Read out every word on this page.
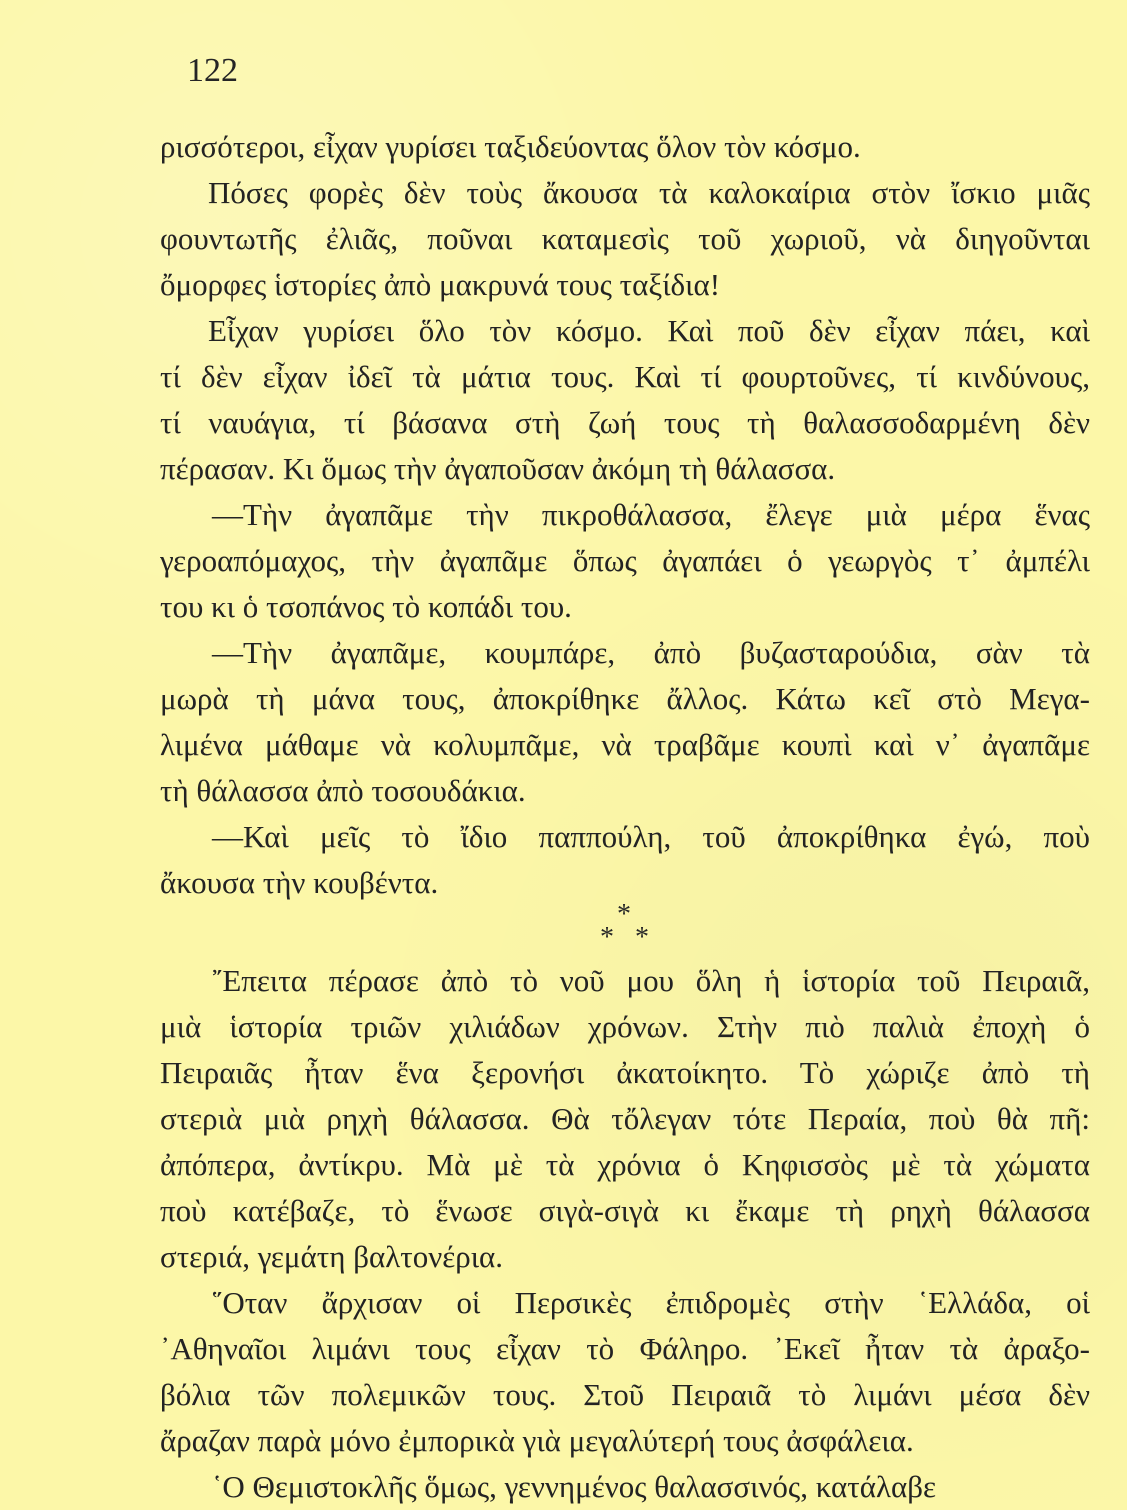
122
ρισσότεροι, εἶχαν γυρίσει ταξιδεύοντας ὅλον τὸν κόσμο.
Πόσες φορὲς δὲν τοὺς ἄκουσα τὰ καλοκαίρια στὸν ἴσκιο μιᾶς
φουντωτῆς ἐλιᾶς, ποῦναι καταμεσὶς τοῦ χωριοῦ, νὰ διηγοῦνται
ὄμορφες ἱστορίες ἀπὸ μακρυνά τους ταξίδια!
Εἶχαν γυρίσει ὅλο τὸν κόσμο. Καὶ ποῦ δὲν εἶχαν πάει, καὶ
τί δὲν εἶχαν ἰδεῖ τὰ μάτια τους. Καὶ τί φουρτοῦνες, τί κινδύνους,
τί ναυάγια, τί βάσανα στὴ ζωή τους τὴ θαλασσοδαρμένη δὲν
πέρασαν. Κι ὅμως τὴν ἀγαποῦσαν ἀκόμη τὴ θάλασσα.
—Τὴν ἀγαπᾶμε τὴν πικροθάλασσα, ἔλεγε μιὰ μέρα ἕνας
γεροαπόμαχος, τὴν ἀγαπᾶμε ὅπως ἀγαπάει ὁ γεωργὸς τ᾿ ἀμπέλι
του κι ὁ τσοπάνος τὸ κοπάδι του.
—Τὴν ἀγαπᾶμε, κουμπάρε, ἀπὸ βυζασταρούδια, σὰν τὰ
μωρὰ τὴ μάνα τους, ἀποκρίθηκε ἄλλος. Κάτω κεῖ στὸ Μεγα-
λιμένα μάθαμε νὰ κολυμπᾶμε, νὰ τραβᾶμε κουπὶ καὶ ν᾿ ἀγαπᾶμε
τὴ θάλασσα ἀπὸ τοσουδάκια.
—Καὶ μεῖς τὸ ἴδιο παππούλη, τοῦ ἀποκρίθηκα ἐγώ, ποὺ
ἄκουσα τὴν κουβέντα.
*
* *
῎Επειτα πέρασε ἀπὸ τὸ νοῦ μου ὅλη ἡ ἱστορία τοῦ Πειραιᾶ,
μιὰ ἱστορία τριῶν χιλιάδων χρόνων. Στὴν πιὸ παλιὰ ἐποχὴ ὁ
Πειραιᾶς ἦταν ἕνα ξερονήσι ἀκατοίκητο. Τὸ χώριζε ἀπὸ τὴ
στεριὰ μιὰ ρηχὴ θάλασσα. Θὰ τὄλεγαν τότε Περαία, ποὺ θὰ πῆ:
ἀπόπερα, ἀντίκρυ. Μὰ μὲ τὰ χρόνια ὁ Κηφισσὸς μὲ τὰ χώματα
ποὺ κατέβαζε, τὸ ἕνωσε σιγὰ-σιγὰ κι ἔκαμε τὴ ρηχὴ θάλασσα
στεριά, γεμάτη βαλτονέρια.
῞Οταν ἄρχισαν οἱ Περσικὲς ἐπιδρομὲς στὴν ῾Ελλάδα, οἱ
᾿Αθηναῖοι λιμάνι τους εἶχαν τὸ Φάληρο. ᾿Εκεῖ ἦταν τὰ ἀραξο-
βόλια τῶν πολεμικῶν τους. Στοῦ Πειραιᾶ τὸ λιμάνι μέσα δὲν
ἄραζαν παρὰ μόνο ἐμπορικὰ γιὰ μεγαλύτερή τους ἀσφάλεια.
῾Ο Θεμιστοκλῆς ὅμως, γεννημένος θαλασσινός, κατάλαβε
